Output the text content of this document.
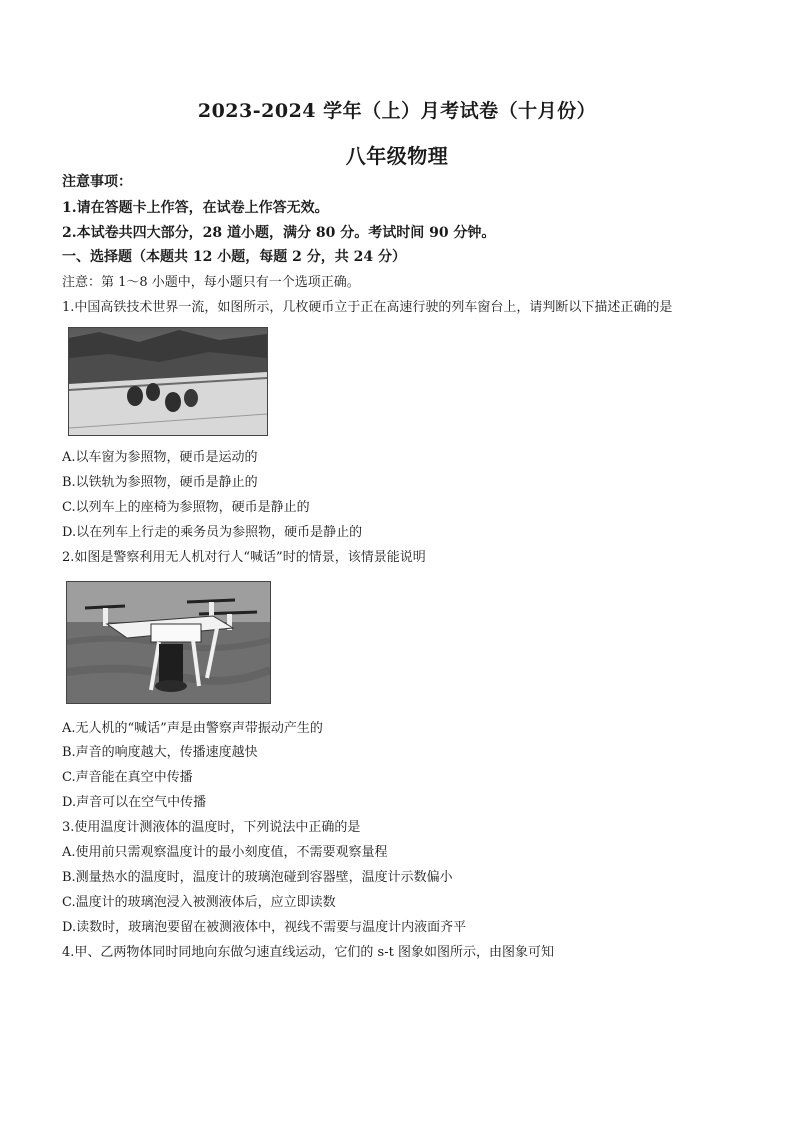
2023-2024 学年（上）月考试卷（十月份）
八年级物理
注意事项：
1.请在答题卡上作答，在试卷上作答无效。
2.本试卷共四大部分，28 道小题，满分 80 分。考试时间 90 分钟。
一、选择题（本题共 12 小题，每题 2 分，共 24 分）
注意：第 1～8 小题中，每小题只有一个选项正确。
1.中国高铁技术世界一流，如图所示，几枚硬币立于正在高速行驶的列车窗台上，请判断以下描述正确的是
A.以车窗为参照物，硬币是运动的
B.以铁轨为参照物，硬币是静止的
C.以列车上的座椅为参照物，硬币是静止的
D.以在列车上行走的乘务员为参照物，硬币是静止的
2.如图是警察利用无人机对行人“喊话”时的情景，该情景能说明
A.无人机的“喊话”声是由警察声带振动产生的
B.声音的响度越大，传播速度越快
C.声音能在真空中传播
D.声音可以在空气中传播
3.使用温度计测液体的温度时，下列说法中正确的是
A.使用前只需观察温度计的最小刻度值，不需要观察量程
B.测量热水的温度时，温度计的玻璃泡碰到容器壁，温度计示数偏小
C.温度计的玻璃泡浸入被测液体后，应立即读数
D.读数时，玻璃泡要留在被测液体中，视线不需要与温度计内液面齐平
4.甲、乙两物体同时同地向东做匀速直线运动，它们的 s-t 图象如图所示，由图象可知
